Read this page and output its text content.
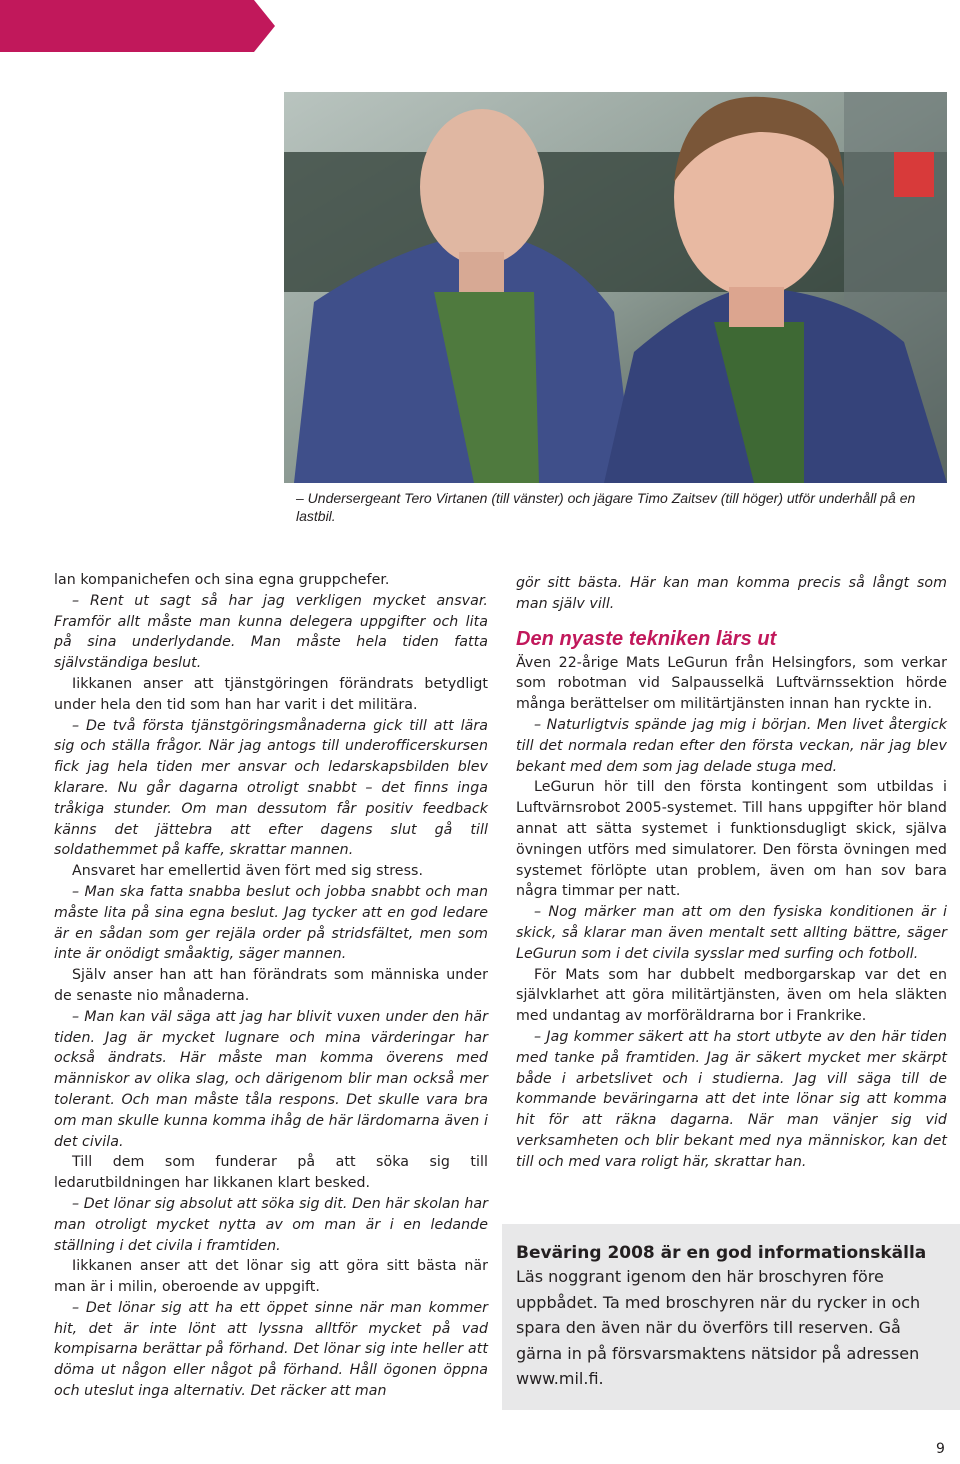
– Undersergeant Tero Virtanen (till vänster) och jägare Timo Zaitsev (till höger) utför underhåll på en lastbil.

lan kompanichefen och sina egna gruppchefer.

– Rent ut sagt så har jag verkligen mycket ansvar. Framför allt måste man kunna delegera uppgifter och lita på sina underlydande. Man måste hela tiden fatta självständiga beslut.

Iikkanen anser att tjänstgöringen förändrats betydligt under hela den tid som han har varit i det militära.

– De två första tjänstgöringsmånaderna gick till att lära sig och ställa frågor. När jag antogs till underofficerskursen fick jag hela tiden mer ansvar och ledarskapsbilden blev klarare. Nu går dagarna otroligt snabbt – det finns inga tråkiga stunder. Om man dessutom får positiv feedback känns det jättebra att efter dagens slut gå till soldathemmet på kaffe, skrattar mannen.

Ansvaret har emellertid även fört med sig stress.

– Man ska fatta snabba beslut och jobba snabbt och man måste lita på sina egna beslut. Jag tycker att en god ledare är en sådan som ger rejäla order på stridsfältet, men som inte är onödigt småaktig, säger mannen.

Själv anser han att han förändrats som människa under de senaste nio månaderna.

– Man kan väl säga att jag har blivit vuxen under den här tiden. Jag är mycket lugnare och mina värderingar har också ändrats. Här måste man komma överens med människor av olika slag, och därigenom blir man också mer tolerant. Och man måste tåla respons. Det skulle vara bra om man skulle kunna komma ihåg de här lärdomarna även i det civila.

Till dem som funderar på att söka sig till ledarutbildningen har Iikkanen klart besked.

– Det lönar sig absolut att söka sig dit. Den här skolan har man otroligt mycket nytta av om man är i en ledande ställning i det civila i framtiden.

Iikkanen anser att det lönar sig att göra sitt bästa när man är i milin, oberoende av uppgift.

– Det lönar sig att ha ett öppet sinne när man kommer hit, det är inte lönt att lyssna alltför mycket på vad kompisarna berättar på förhand. Det lönar sig inte heller att döma ut någon eller något på förhand. Håll ögonen öppna och uteslut inga alternativ. Det räcker att man

gör sitt bästa. Här kan man komma precis så långt som man själv vill.

Den nyaste tekniken lärs ut

Även 22-årige Mats LeGurun från Helsingfors, som verkar som robotman vid Salpausselkä Luftvärnssektion hörde många berättelser om militärtjänsten innan han ryckte in.

– Naturligtvis spände jag mig i början. Men livet återgick till det normala redan efter den första veckan, när jag blev bekant med dem som jag delade stuga med.

LeGurun hör till den första kontingent som utbildas i Luftvärnsrobot 2005-systemet. Till hans uppgifter hör bland annat att sätta systemet i funktionsdugligt skick, själva övningen utförs med simulatorer. Den första övningen med systemet förlöpte utan problem, även om han sov bara några timmar per natt.

– Nog märker man att om den fysiska konditionen är i skick, så klarar man även mentalt sett allting bättre, säger LeGurun som i det civila sysslar med surfing och fotboll.

För Mats som har dubbelt medborgarskap var det en självklarhet att göra militärtjänsten, även om hela släkten med undantag av morföräldrarna bor i Frankrike.

– Jag kommer säkert att ha stort utbyte av den här tiden med tanke på framtiden. Jag är säkert mycket mer skärpt både i arbetslivet och i studierna. Jag vill säga till de kommande beväringarna att det inte lönar sig att komma hit för att räkna dagarna. När man vänjer sig vid verksamheten och blir bekant med nya människor, kan det till och med vara roligt här, skrattar han.

Beväring 2008 är en god informationskälla

Läs noggrant igenom den här broschyren före uppbådet. Ta med broschyren när du rycker in och spara den även när du överförs till reserven. Gå gärna in på försvarsmaktens nätsidor på adressen www.mil.fi.

9
